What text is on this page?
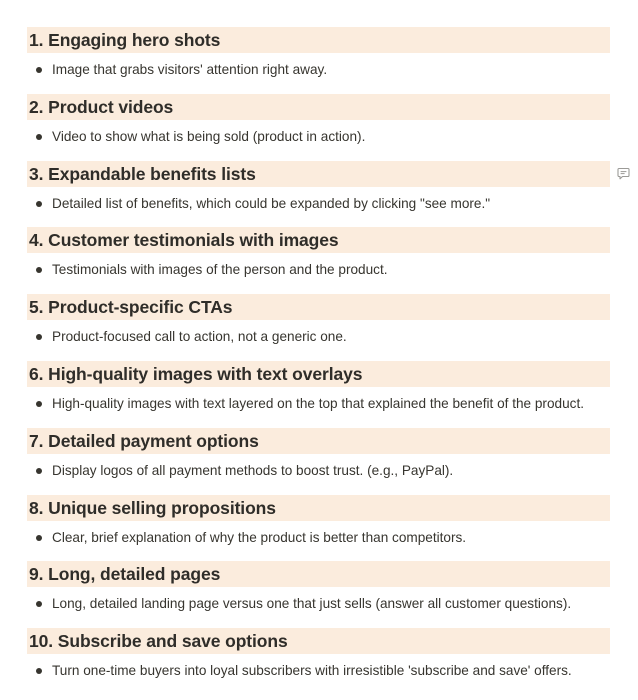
1. Engaging hero shots
Image that grabs visitors' attention right away.
2. Product videos
Video to show what is being sold (product in action).
3. Expandable benefits lists
Detailed list of benefits, which could be expanded by clicking "see more."
4. Customer testimonials with images
Testimonials with images of the person and the product.
5. Product-specific CTAs
Product-focused call to action, not a generic one.
6. High-quality images with text overlays
High-quality images with text layered on the top that explained the benefit of the product.
7. Detailed payment options
Display logos of all payment methods to boost trust. (e.g., PayPal).
8. Unique selling propositions
Clear, brief explanation of why the product is better than competitors.
9. Long, detailed pages
Long, detailed landing page versus one that just sells (answer all customer questions).
10. Subscribe and save options
Turn one-time buyers into loyal subscribers with irresistible 'subscribe and save' offers.
